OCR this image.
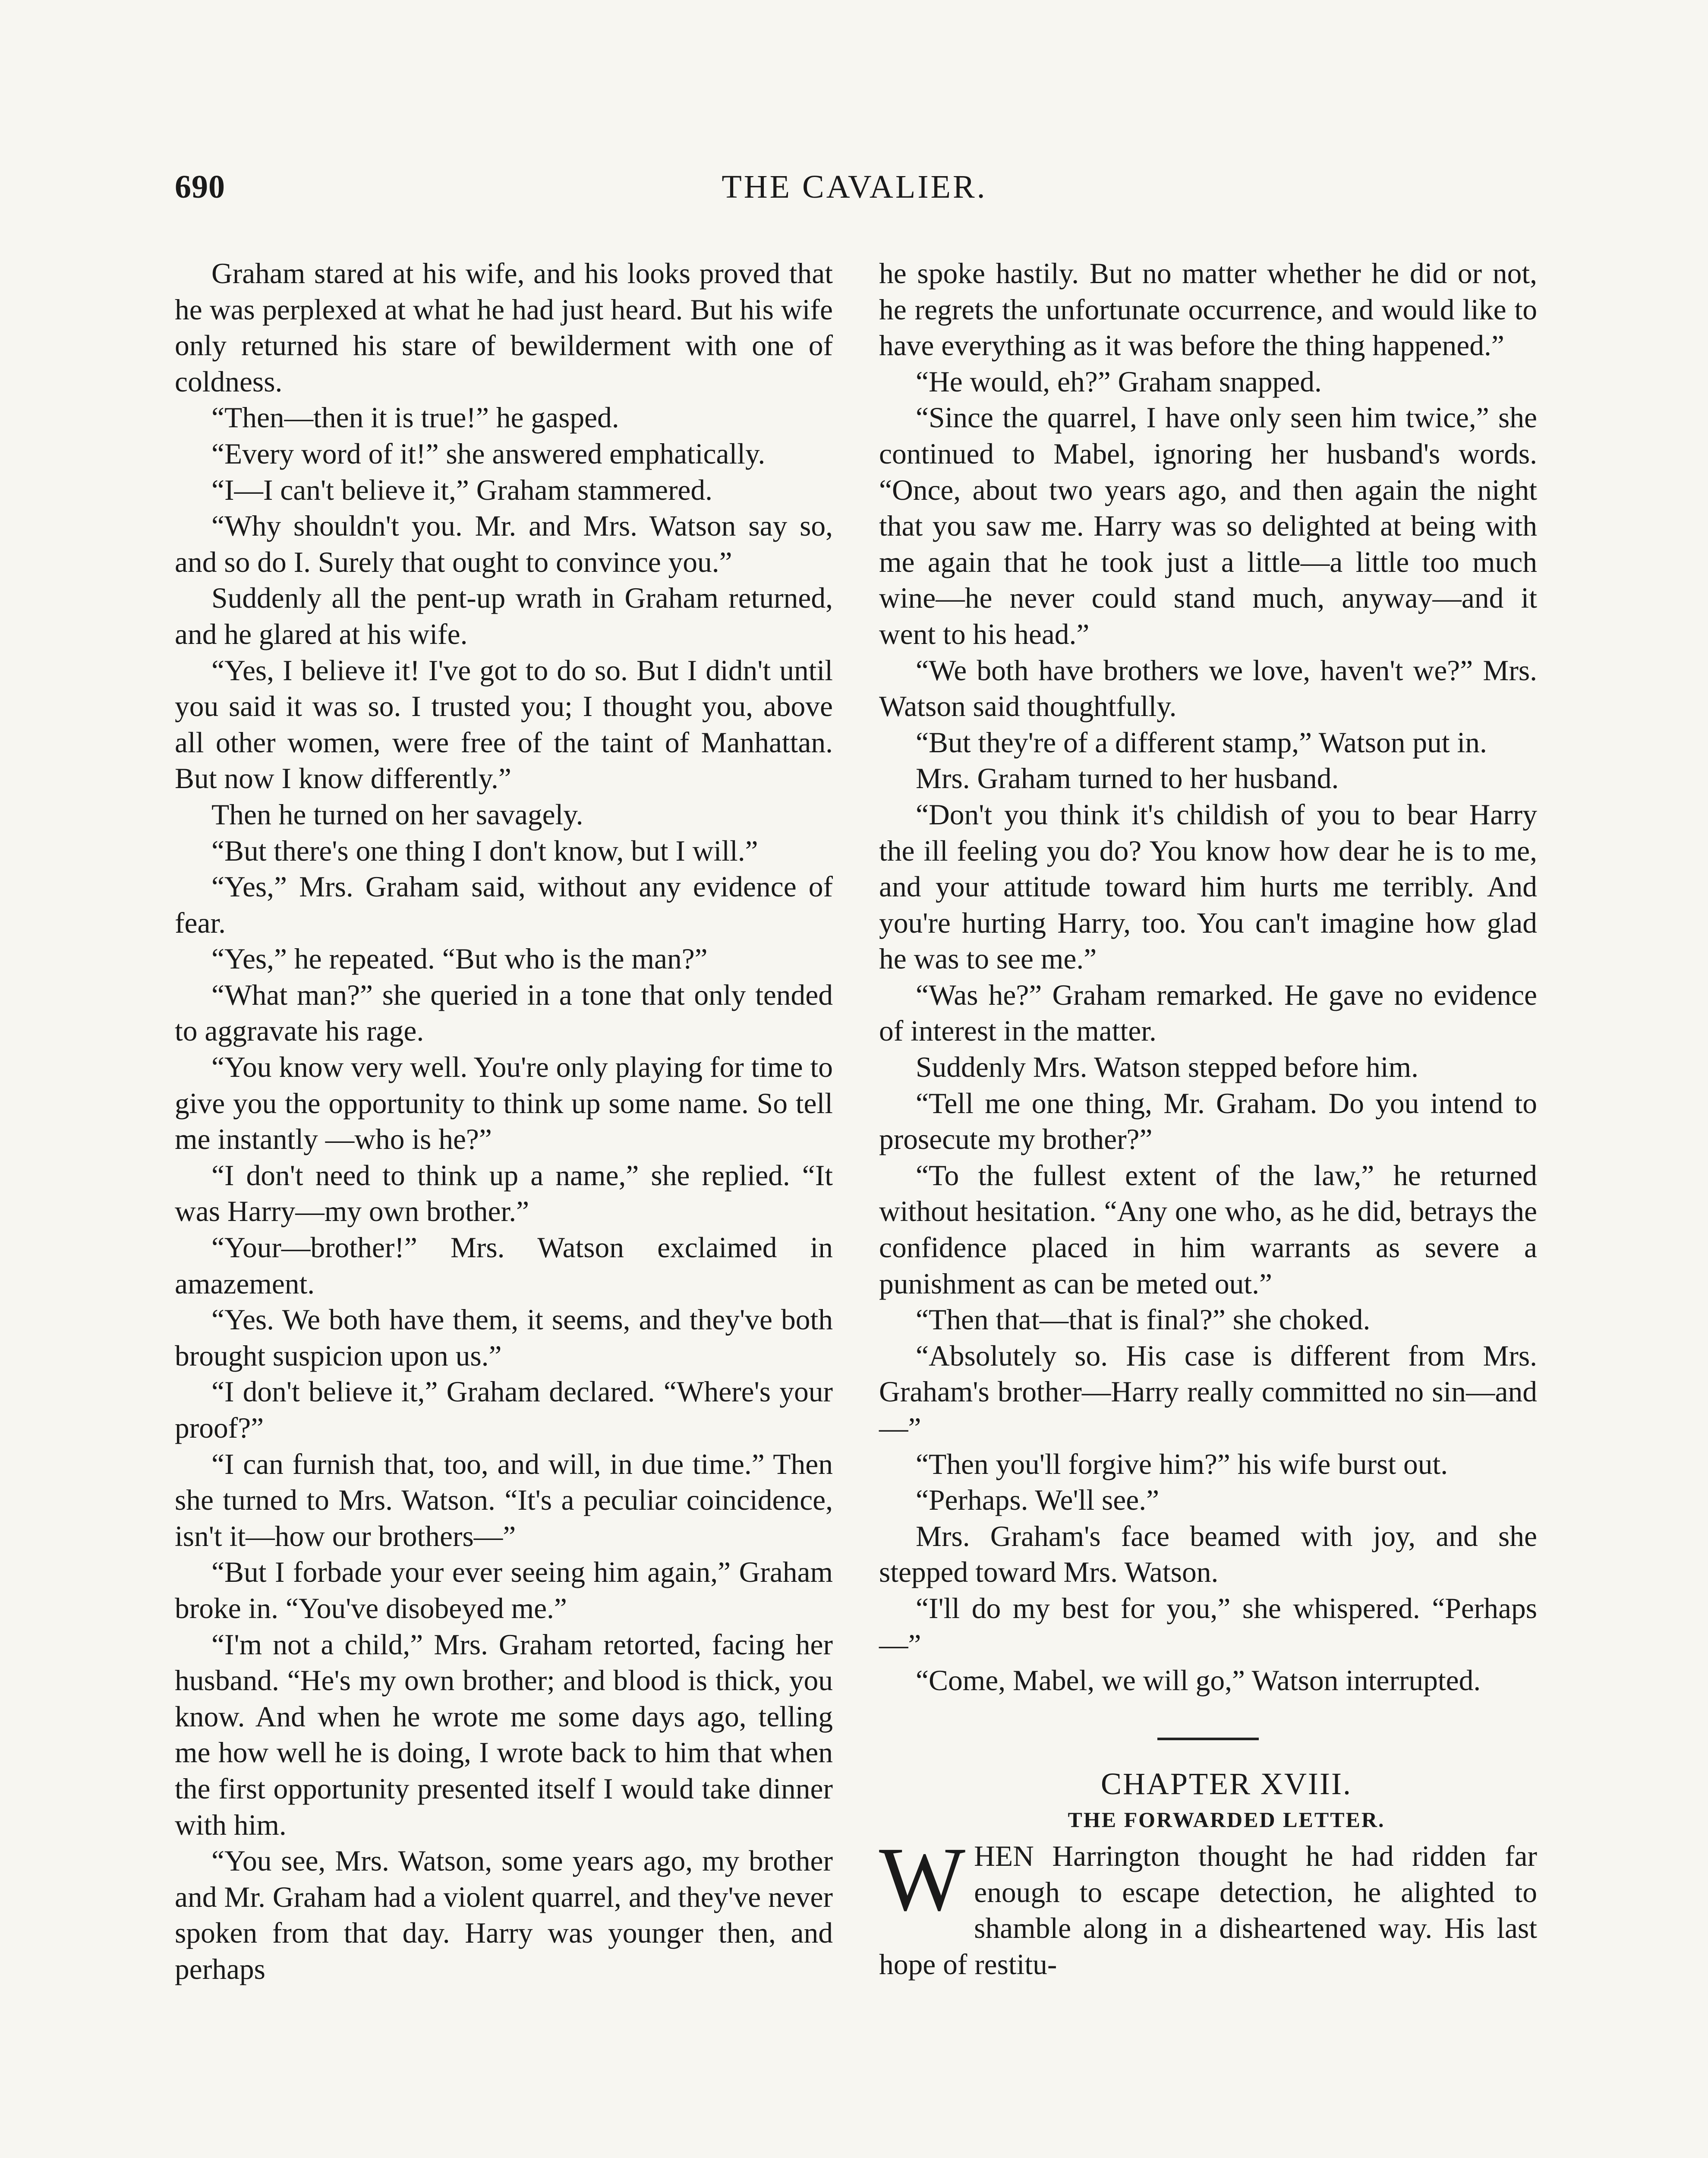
690	THE CAVALIER.

Graham stared at his wife, and his looks proved that he was perplexed at what he had just heard. But his wife only returned his stare of bewilderment with one of coldness.

“Then—then it is true!” he gasped.

“Every word of it!” she answered emphatically.

“I—I can't believe it,” Graham stammered.

“Why shouldn't you. Mr. and Mrs. Watson say so, and so do I. Surely that ought to convince you.”

Suddenly all the pent-up wrath in Graham returned, and he glared at his wife.

“Yes, I believe it! I've got to do so. But I didn't until you said it was so. I trusted you; I thought you, above all other women, were free of the taint of Manhattan. But now I know differently.”

Then he turned on her savagely.

“But there's one thing I don't know, but I will.”

“Yes,” Mrs. Graham said, without any evidence of fear.

“Yes,” he repeated. “But who is the man?”

“What man?” she queried in a tone that only tended to aggravate his rage.

“You know very well. You're only playing for time to give you the opportunity to think up some name. So tell me instantly —who is he?”

“I don't need to think up a name,” she replied. “It was Harry—my own brother.”

“Your—brother!” Mrs. Watson exclaimed in amazement.

“Yes. We both have them, it seems, and they've both brought suspicion upon us.”

“I don't believe it,” Graham declared. “Where's your proof?”

“I can furnish that, too, and will, in due time.” Then she turned to Mrs. Watson. “It's a peculiar coincidence, isn't it—how our brothers—”

“But I forbade your ever seeing him again,” Graham broke in. “You've disobeyed me.”

“I'm not a child,” Mrs. Graham retorted, facing her husband. “He's my own brother; and blood is thick, you know. And when he wrote me some days ago, telling me how well he is doing, I wrote back to him that when the first opportunity presented itself I would take dinner with him.

“You see, Mrs. Watson, some years ago, my brother and Mr. Graham had a violent quarrel, and they've never spoken from that day. Harry was younger then, and perhaps

he spoke hastily. But no matter whether he did or not, he regrets the unfortunate occurrence, and would like to have everything as it was before the thing happened.”

“He would, eh?” Graham snapped.

“Since the quarrel, I have only seen him twice,” she continued to Mabel, ignoring her husband's words. “Once, about two years ago, and then again the night that you saw me. Harry was so delighted at being with me again that he took just a little—a little too much wine—he never could stand much, anyway—and it went to his head.”

“We both have brothers we love, haven't we?” Mrs. Watson said thoughtfully.

“But they're of a different stamp,” Watson put in.

Mrs. Graham turned to her husband.

“Don't you think it's childish of you to bear Harry the ill feeling you do? You know how dear he is to me, and your attitude toward him hurts me terribly. And you're hurting Harry, too. You can't imagine how glad he was to see me.”

“Was he?” Graham remarked. He gave no evidence of interest in the matter.

Suddenly Mrs. Watson stepped before him.

“Tell me one thing, Mr. Graham. Do you intend to prosecute my brother?”

“To the fullest extent of the law,” he returned without hesitation. “Any one who, as he did, betrays the confidence placed in him warrants as severe a punishment as can be meted out.”

“Then that—that is final?” she choked.

“Absolutely so. His case is different from Mrs. Graham's brother—Harry really committed no sin—and—”

“Then you'll forgive him?” his wife burst out.

“Perhaps. We'll see.”

Mrs. Graham's face beamed with joy, and she stepped toward Mrs. Watson.

“I'll do my best for you,” she whispered. “Perhaps—”

“Come, Mabel, we will go,” Watson interrupted.

CHAPTER XVIII.

THE FORWARDED LETTER.

WHEN Harrington thought he had ridden far enough to escape detection, he alighted to shamble along in a disheartened way. His last hope of restitu-
